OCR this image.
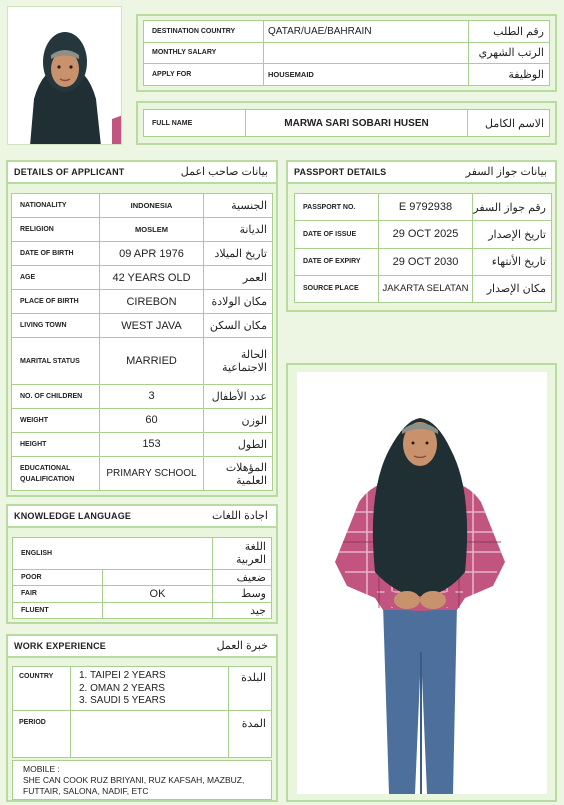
DESTINATION COUNTRY	QATAR/UAE/BAHRAIN	رقم الطلب
MONTHLY SALARY		الرتب الشهري
APPLY FOR	HOUSEMAID	الوظيفة
FULL NAME	MARWA SARI SOBARI HUSEN	الاسم الكامل
DETAILS OF APPLICANT	بيانات صاحب اعمل
NATIONALITY	INDONESIA	الجنسية
RELIGION	MOSLEM	الديانة
DATE OF BIRTH	09 APR 1976	تاريخ الميلاد
AGE	42 YEARS OLD	العمر
PLACE OF BIRTH	CIREBON	مكان الولادة
LIVING TOWN	WEST JAVA	مكان السكن
MARITAL STATUS	MARRIED	الحالة الاجتماعية
NO. OF CHILDREN	3	عدد الأطفال
WEIGHT	60	الوزن
HEIGHT	153	الطول
EDUCATIONAL QUALIFICATION	PRIMARY SCHOOL	المؤهلات العلمية
PASSPORT DETAILS	بيانات جواز السفر
PASSPORT NO.	E 9792938	رقم جواز السفر
DATE OF ISSUE	29 OCT 2025	تاريخ الإصدار
DATE OF EXPIRY	29 OCT 2030	تاريخ الأنتهاء
SOURCE PLACE	JAKARTA SELATAN	مكان الإصدار
KNOWLEDGE LANGUAGE	اجادة اللغات
ENGLISH		اللغة العربية
POOR		ضعيف
FAIR	OK	وسط
FLUENT		جيد
WORK EXPERIENCE	خبرة العمل
COUNTRY	1. TAIPEI 2 YEARS
2. OMAN 2 YEARS
3. SAUDI 5 YEARS	البلدة
PERIOD		المدة
MOBILE :
SHE CAN COOK RUZ BRIYANI, RUZ KAFSAH, MAZBUZ,
FUTTAIR, SALONA, NADIF, ETC
